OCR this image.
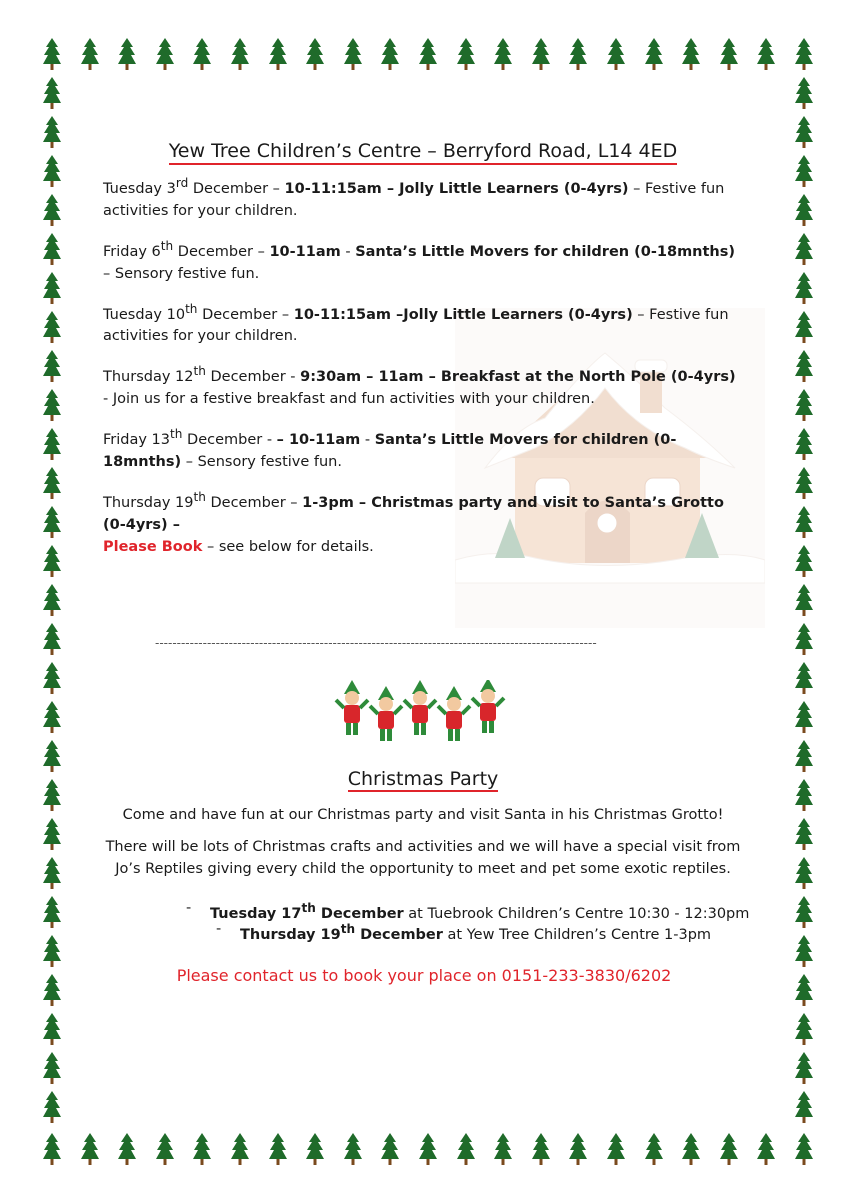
Yew Tree Children’s Centre – Berryford Road, L14 4ED

Tuesday 3rd December – 10-11:15am – Jolly Little Learners (0-4yrs) – Festive fun activities for your children.

Friday 6th December – 10-11am - Santa’s Little Movers for children (0-18mnths) – Sensory festive fun.

Tuesday 10th December – 10-11:15am –Jolly Little Learners (0-4yrs) – Festive fun activities for your children.

Thursday 12th December - 9:30am – 11am – Breakfast at the North Pole (0-4yrs) - Join us for a festive breakfast and fun activities with your children.

Friday 13th December - – 10-11am - Santa’s Little Movers for children (0-18mnths) – Sensory festive fun.

Thursday 19th December – 1-3pm – Christmas party and visit to Santa’s Grotto (0-4yrs) –
Please Book – see below for details.

------------------------------------------------------------------------------------------------------
Christmas Party

Come and have fun at our Christmas party and visit Santa in his Christmas Grotto!

There will be lots of Christmas crafts and activities and we will have a special visit from Jo’s Reptiles giving every child the opportunity to meet and pet some exotic reptiles.

- Tuesday 17th December at Tuebrook Children’s Centre 10:30 - 12:30pm
- Thursday 19th December at Yew Tree Children’s Centre 1-3pm
Please contact us to book your place on 0151-233-3830/6202
